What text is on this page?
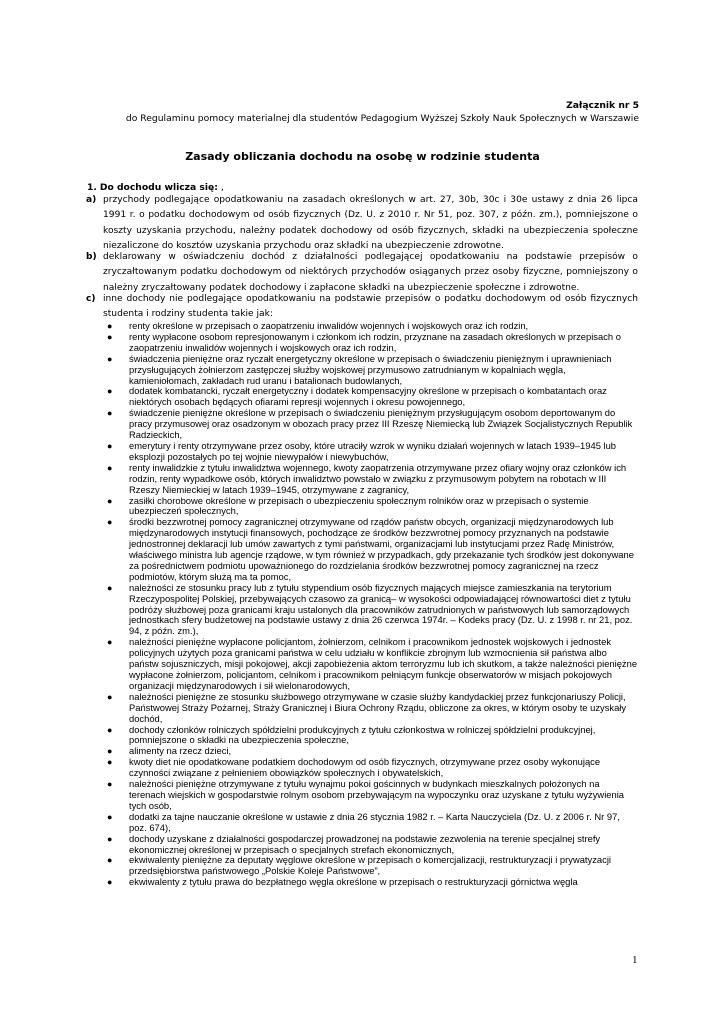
Załącznik nr 5
do Regulaminu pomocy materialnej dla studentów Pedagogium Wyższej Szkoły Nauk Społecznych w Warszawie
Zasady obliczania dochodu na osobę w rodzinie studenta
1. Do dochodu wlicza się: ,
a) przychody podlegające opodatkowaniu na zasadach określonych w art. 27, 30b, 30c i 30e ustawy z dnia 26 lipca 1991 r. o podatku dochodowym od osób fizycznych (Dz. U. z 2010 r. Nr 51, poz. 307, z późn. zm.), pomniejszone o koszty uzyskania przychodu, należny podatek dochodowy od osób fizycznych, składki na ubezpieczenia społeczne niezaliczone do kosztów uzyskania przychodu oraz składki na ubezpieczenie zdrowotne.
b) deklarowany w oświadczeniu dochód z działalności podlegającej opodatkowaniu na podstawie przepisów o zryczałtowanym podatku dochodowym od niektórych przychodów osiąganych przez osoby fizyczne, pomniejszony o należny zryczałtowany podatek dochodowy i zapłacone składki na ubezpieczenie społeczne i zdrowotne.
c) inne dochody nie podlegające opodatkowaniu na podstawie przepisów o podatku dochodowym od osób fizycznych studenta i rodziny studenta takie jak:
● renty określone w przepisach o zaopatrzeniu inwalidów wojennych i wojskowych oraz ich rodzin,
● renty wypłacone osobom represjonowanym i członkom ich rodzin, przyznane na zasadach określonych w przepisach o zaopatrzeniu inwalidów wojennych i wojskowych oraz ich rodzin,
● świadczenia pieniężne oraz ryczałt energetyczny określone w przepisach o świadczeniu pieniężnym i uprawnieniach przysługujących żołnierzom zastępczej służby wojskowej przymusowo zatrudnianym w kopalniach węgla, kamieniołomach, zakładach rud uranu i batalionach budowlanych,
● dodatek kombatancki, ryczałt energetyczny i dodatek kompensacyjny określone w przepisach o kombatantach oraz niektórych osobach będących ofiarami represji wojennych i okresu powojennego,
● świadczenie pieniężne określone w przepisach o świadczeniu pieniężnym przysługującym osobom deportowanym do pracy przymusowej oraz osadzonym w obozach pracy przez III Rzeszę Niemiecką lub Związek Socjalistycznych Republik Radzieckich,
● emerytury i renty otrzymywane przez osoby, które utraciły wzrok w wyniku działań wojennych w latach 1939–1945 lub eksplozji pozostałych po tej wojnie niewypałów i niewybuchów,
● renty inwalidzkie z tytułu inwalidztwa wojennego, kwoty zaopatrzenia otrzymywane przez ofiary wojny oraz członków ich rodzin, renty wypadkowe osób, których inwalidztwo powstało w związku z przymusowym pobytem na robotach w III Rzeszy Niemieckiej w latach 1939–1945, otrzymywane z zagranicy,
● zasiłki chorobowe określone w przepisach o ubezpieczeniu społecznym rolników oraz w przepisach o systemie ubezpieczeń społecznych,
● środki bezzwrotnej pomocy zagranicznej otrzymywane od rządów państw obcych, organizacji międzynarodowych lub międzynarodowych instytucji finansowych, pochodzące ze środków bezzwrotnej pomocy przyznanych na podstawie jednostronnej deklaracji lub umów zawartych z tymi państwami, organizacjami lub instytucjami przez Radę Ministrów, właściwego ministra lub agencje rządowe, w tym również w przypadkach, gdy przekazanie tych środków jest dokonywane za pośrednictwem podmiotu upoważnionego do rozdzielania środków bezzwrotnej pomocy zagranicznej na rzecz podmiotów, którym służą ma ta pomoc,
● należności ze stosunku pracy lub z tytułu stypendium osób fizycznych mających miejsce zamieszkania na terytorium Rzeczypospolitej Polskiej, przebywających czasowo za granicą– w wysokości odpowiadającej równowartości diet z tytułu podróży służbowej poza granicami kraju ustalonych dla pracowników zatrudnionych w państwowych lub samorządowych jednostkach sfery budżetowej na podstawie ustawy z dnia 26 czerwca 1974r. – Kodeks pracy (Dz. U. z 1998 r. nr 21, poz. 94, z późn. zm.),
● należności pieniężne wypłacone policjantom, żołnierzom, celnikom i pracownikom jednostek wojskowych i jednostek policyjnych użytych poza granicami państwa w celu udziału w konflikcie zbrojnym lub wzmocnienia sił państwa albo państw sojuszniczych, misji pokojowej, akcji zapobieżenia aktom terroryzmu lub ich skutkom, a także należności pieniężne wypłacone żołnierzom, policjantom, celnikom i pracownikom pełniącym funkcje obserwatorów w misjach pokojowych organizacji międzynarodowych i sił wielonarodowych,
● należności pieniężne ze stosunku służbowego otrzymywane w czasie służby kandydackiej przez funkcjonariuszy Policji, Państwowej Straży Pożarnej, Straży Granicznej i Biura Ochrony Rządu, obliczone za okres, w którym osoby te uzyskały dochód,
● dochody członków rolniczych spółdzielni produkcyjnych z tytułu członkostwa w rolniczej spółdzielni produkcyjnej, pomniejszone o składki na ubezpieczenia społeczne,
● alimenty na rzecz dzieci,
● kwoty diet nie opodatkowane podatkiem dochodowym od osób fizycznych, otrzymywane przez osoby wykonujące czynności związane z pełnieniem obowiązków społecznych i obywatelskich,
● należności pieniężne otrzymywane z tytułu wynajmu pokoi gościnnych w budynkach mieszkalnych położonych na terenach wiejskich w gospodarstwie rolnym osobom przebywającym na wypoczynku oraz uzyskane z tytułu wyżywienia tych osób,
● dodatki za tajne nauczanie określone w ustawie z dnia 26 stycznia 1982 r. – Karta Nauczyciela (Dz. U. z 2006 r. Nr 97, poz. 674),
● dochody uzyskane z działalności gospodarczej prowadzonej na podstawie zezwolenia na terenie specjalnej strefy ekonomicznej określonej w przepisach o specjalnych strefach ekonomicznych,
● ekwiwalenty pieniężne za deputaty węglowe określone w przepisach o komercjalizacji, restrukturyzacji i prywatyzacji przedsiębiorstwa państwowego „Polskie Koleje Państwowe”,
● ekwiwalenty z tytułu prawa do bezpłatnego węgla określone w przepisach o restrukturyzacji górnictwa węgla
1
